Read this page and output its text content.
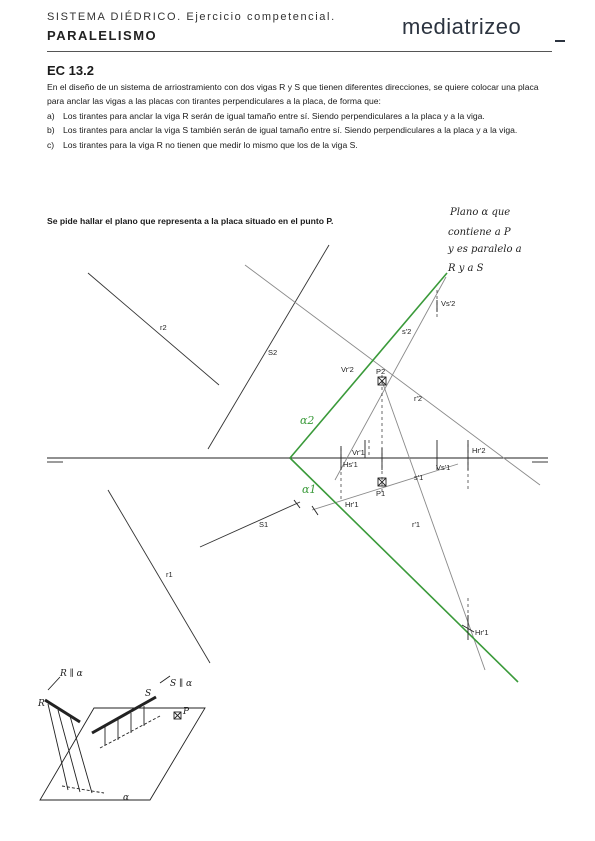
SISTEMA DIÉDRICO. Ejercicio competencial.
PARALELISMO	mediatrizeo
EC 13.2

En el diseño de un sistema de arriostramiento con dos vigas R y S que tienen diferentes direcciones, se quiere colocar una placa para anclar las vigas a las placas con tirantes perpendiculares a la placa, de forma que:

a) Los tirantes para anclar la viga R serán de igual tamaño entre sí. Siendo perpendiculares a la placa y a la viga.
b) Los tirantes para anclar la viga S también serán de igual tamaño entre sí. Siendo perpendiculares a la placa y a la viga.
c)	Los tirantes para la viga R no tienen que medir lo mismo que los de la viga S.
Se pide hallar el plano que representa a la placa situado en el punto P.
Plano α que
contiene a P
y es paralelo a
R y a S
r2
S2
r1
S1
s'2
r'2
s'1
r'1
P2
P1
Vs'2
Vr'2
Vr'1
Vs'1
Hr'2
Hs'1
Hr'1
Hr'1
α2
α1
R ∥ α
S ∥ α
R
S
P
α
